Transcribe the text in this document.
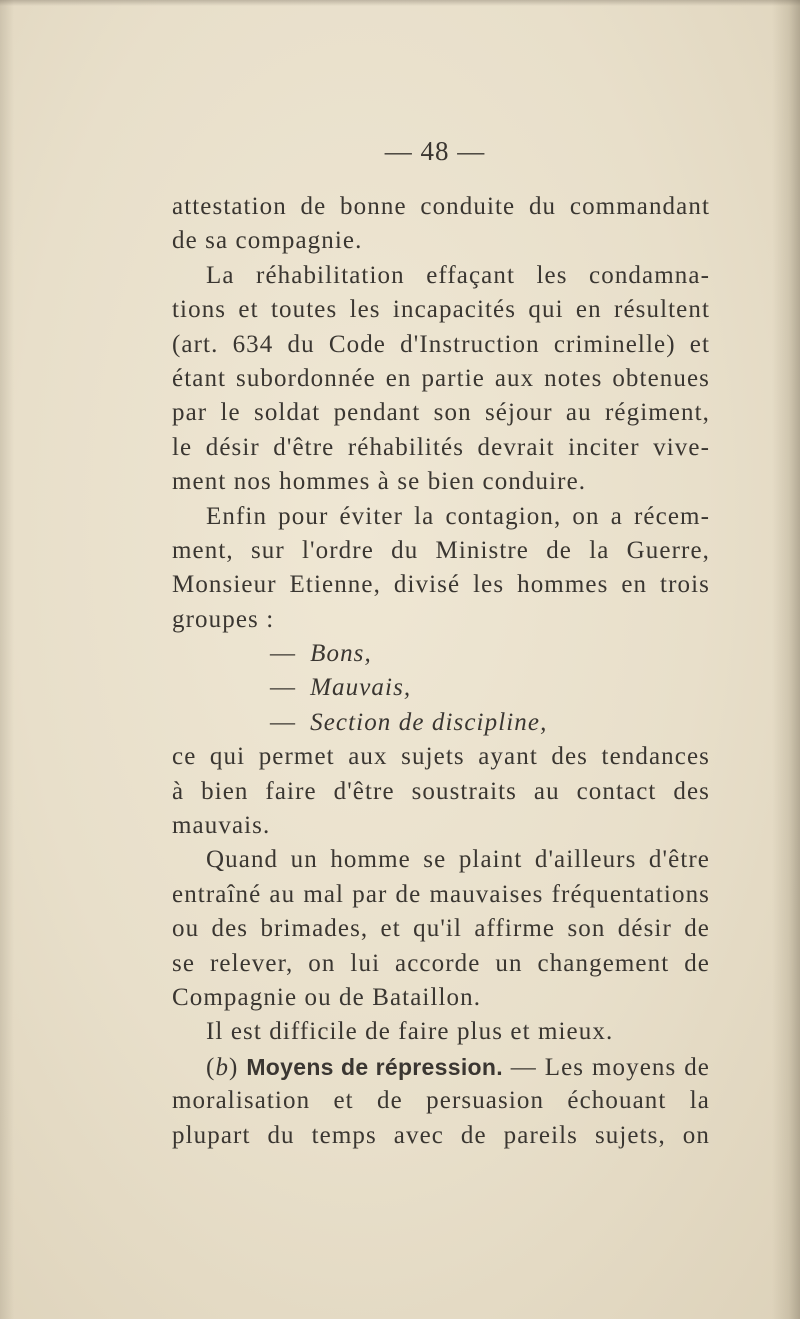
— 48 —
attestation de bonne conduite du commandant
de sa compagnie.
La réhabilitation effaçant les condamna-
tions et toutes les incapacités qui en résultent
(art. 634 du Code d'Instruction criminelle) et
étant subordonnée en partie aux notes obtenues
par le soldat pendant son séjour au régiment,
le désir d'être réhabilités devrait inciter vive-
ment nos hommes à se bien conduire.
Enfin pour éviter la contagion, on a récem-
ment, sur l'ordre du Ministre de la Guerre,
Monsieur Etienne, divisé les hommes en trois
groupes :
— Bons,
— Mauvais,
— Section de discipline,
ce qui permet aux sujets ayant des tendances
à bien faire d'être soustraits au contact des
mauvais.
Quand un homme se plaint d'ailleurs d'être
entraîné au mal par de mauvaises fréquentations
ou des brimades, et qu'il affirme son désir de
se relever, on lui accorde un changement de
Compagnie ou de Bataillon.
Il est difficile de faire plus et mieux.
(b) Moyens de répression. — Les moyens de
moralisation et de persuasion échouant la
plupart du temps avec de pareils sujets, on
